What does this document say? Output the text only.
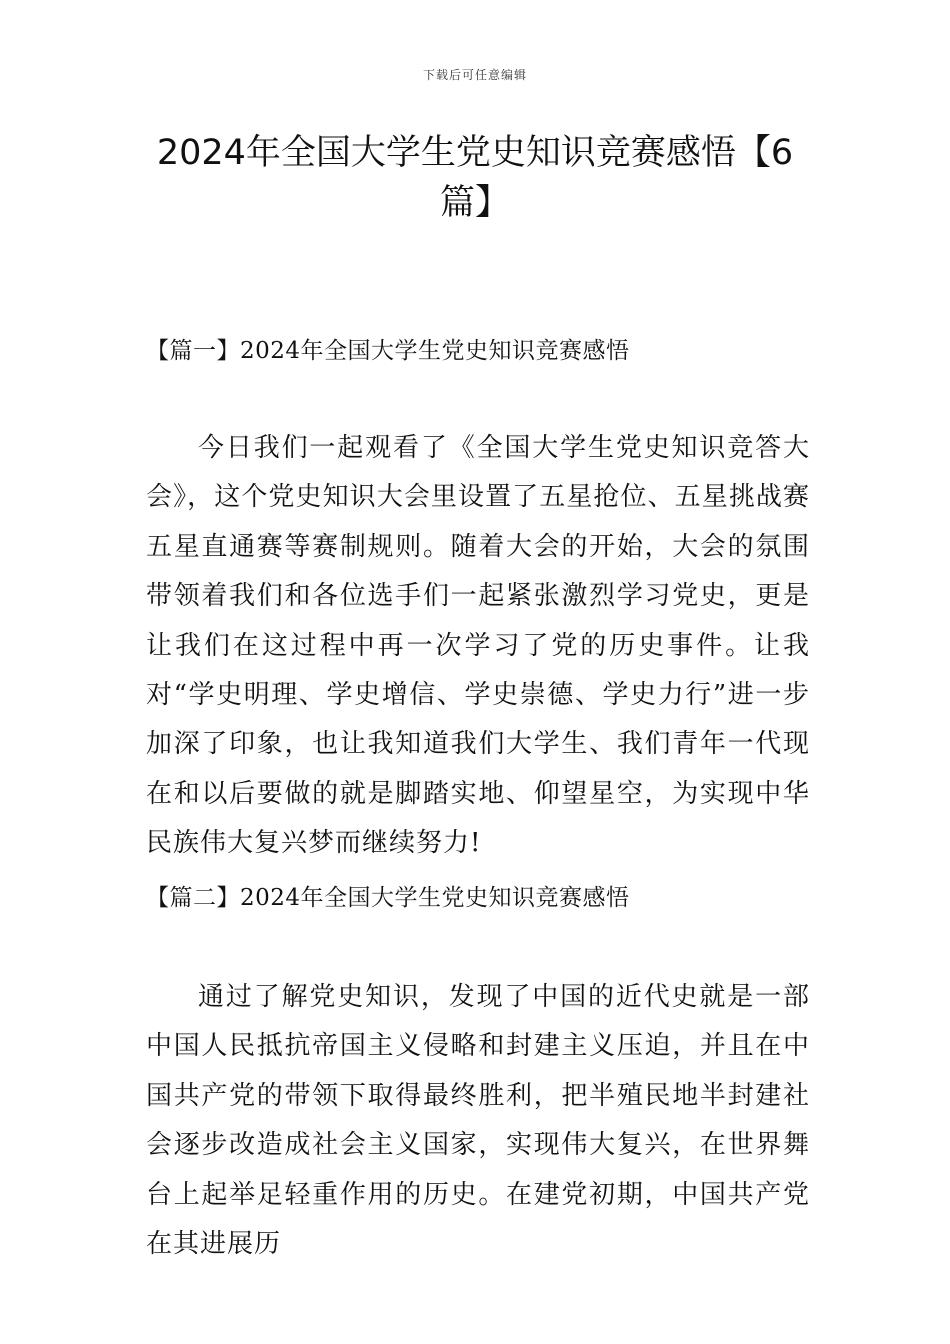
下载后可任意编辑
2024年全国大学生党史知识竞赛感悟【6篇】

【篇一】2024年全国大学生党史知识竞赛感悟

今日我们一起观看了《全国大学生党史知识竞答大会》，这个党史知识大会里设置了五星抢位、五星挑战赛五星直通赛等赛制规则。随着大会的开始，大会的氛围带领着我们和各位选手们一起紧张激烈学习党史，更是让我们在这过程中再一次学习了党的历史事件。让我对“学史明理、学史增信、学史崇德、学史力行”进一步加深了印象，也让我知道我们大学生、我们青年一代现在和以后要做的就是脚踏实地、仰望星空，为实现中华民族伟大复兴梦而继续努力!

【篇二】2024年全国大学生党史知识竞赛感悟

通过了解党史知识，发现了中国的近代史就是一部中国人民抵抗帝国主义侵略和封建主义压迫，并且在中国共产党的带领下取得最终胜利，把半殖民地半封建社会逐步改造成社会主义国家，实现伟大复兴，在世界舞台上起举足轻重作用的历史。在建党初期，中国共产党在其进展历
